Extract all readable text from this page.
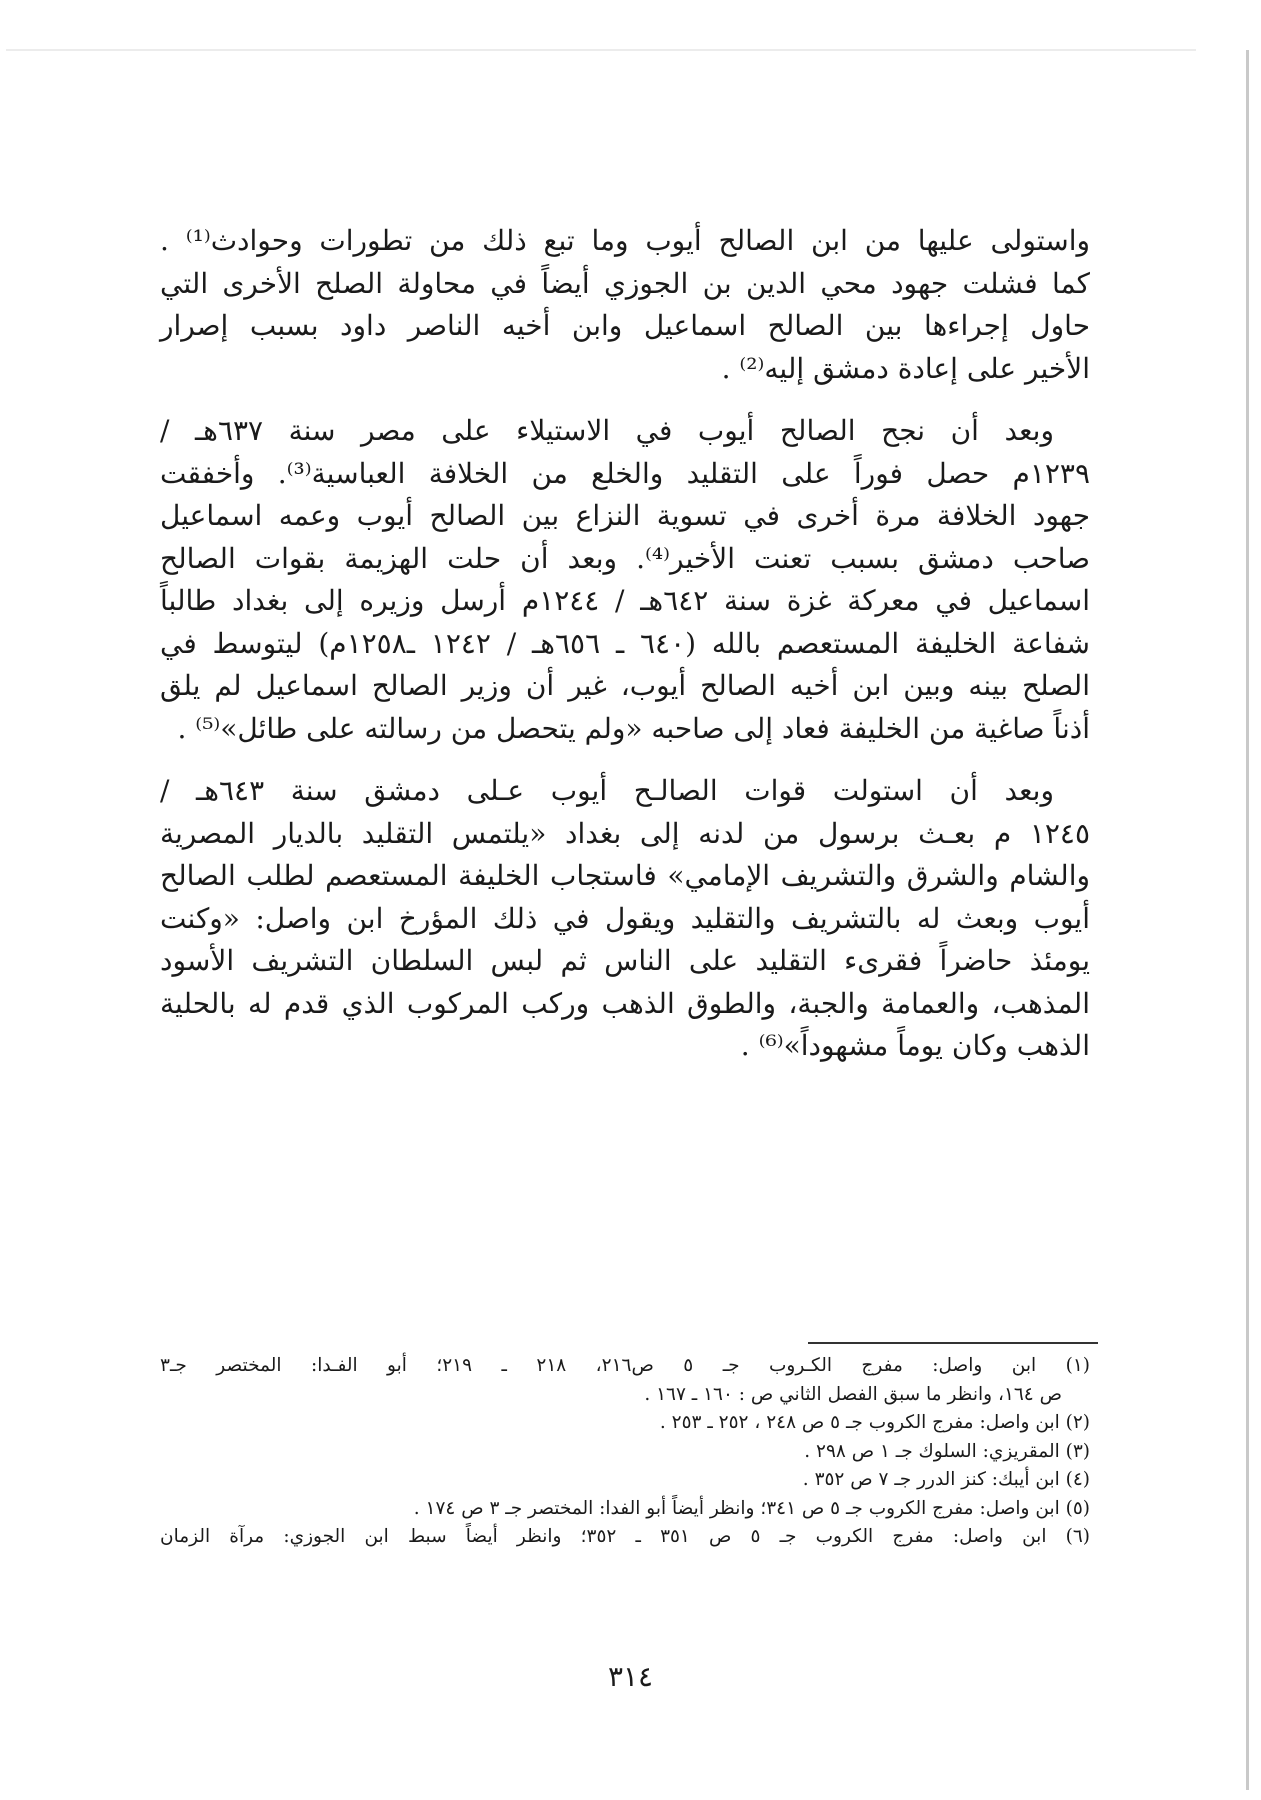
واستولى عليها من ابن الصالح أيوب وما تبع ذلك من تطورات وحوادث⁽¹⁾ .
كما فشلت جهود محي الدين بن الجوزي أيضاً في محاولة الصلح الأخرى التي
حاول إجراءها بين الصالح اسماعيل وابن أخيه الناصر داود بسبب إصرار
الأخير على إعادة دمشق إليه⁽²⁾ .
وبعد أن نجح الصالح أيوب في الاستيلاء على مصر سنة ٦٣٧هـ /
١٢٣٩م حصل فوراً على التقليد والخلع من الخلافة العباسية⁽³⁾. وأخفقت
جهود الخلافة مرة أخرى في تسوية النزاع بين الصالح أيوب وعمه اسماعيل
صاحب دمشق بسبب تعنت الأخير⁽⁴⁾. وبعد أن حلت الهزيمة بقوات الصالح
اسماعيل في معركة غزة سنة ٦٤٢هـ / ١٢٤٤م أرسل وزيره إلى بغداد طالباً
شفاعة الخليفة المستعصم بالله (٦٤٠ ـ ٦٥٦هـ / ١٢٤٢ ـ١٢٥٨م) ليتوسط في
الصلح بينه وبين ابن أخيه الصالح أيوب، غير أن وزير الصالح اسماعيل لم يلق
أذناً صاغية من الخليفة فعاد إلى صاحبه «ولم يتحصل من رسالته على طائل»⁽⁵⁾ .
وبعد أن استولت قوات الصالـح أيوب عـلى دمشق سنة ٦٤٣هـ /
١٢٤٥ م بعـث برسول من لدنه إلى بغداد «يلتمس التقليد بالديار المصرية
والشام والشرق والتشريف الإمامي» فاستجاب الخليفة المستعصم لطلب الصالح
أيوب وبعث له بالتشريف والتقليد ويقول في ذلك المؤرخ ابن واصل: «وكنت
يومئذ حاضراً فقرىء التقليد على الناس ثم لبس السلطان التشريف الأسود
المذهب، والعمامة والجبة، والطوق الذهب وركب المركوب الذي قدم له بالحلية
الذهب وكان يوماً مشهوداً»⁽⁶⁾ .
(١) ابن واصل: مفرج الكـروب جـ ٥ ص٢١٦، ٢١٨ ـ ٢١٩؛ أبو الفـدا: المختصر جـ٣
ص ١٦٤، وانظر ما سبق الفصل الثاني ص : ١٦٠ ـ ١٦٧ .
(٢) ابن واصل: مفرج الكروب جـ ٥ ص ٢٤٨ ، ٢٥٢ ـ ٢٥٣ .
(٣) المقريزي: السلوك جـ ١ ص ٢٩٨ .
(٤) ابن أيبك: كنز الدرر جـ ٧ ص ٣٥٢ .
(٥) ابن واصل: مفرج الكروب جـ ٥ ص ٣٤١؛ وانظر أيضاً أبو الفدا: المختصر جـ ٣ ص ١٧٤ .
(٦) ابن واصل: مفرج الكروب جـ ٥ ص ٣٥١ ـ ٣٥٢؛ وانظر أيضاً سبط ابن الجوزي: مرآة الزمان
٣١٤
